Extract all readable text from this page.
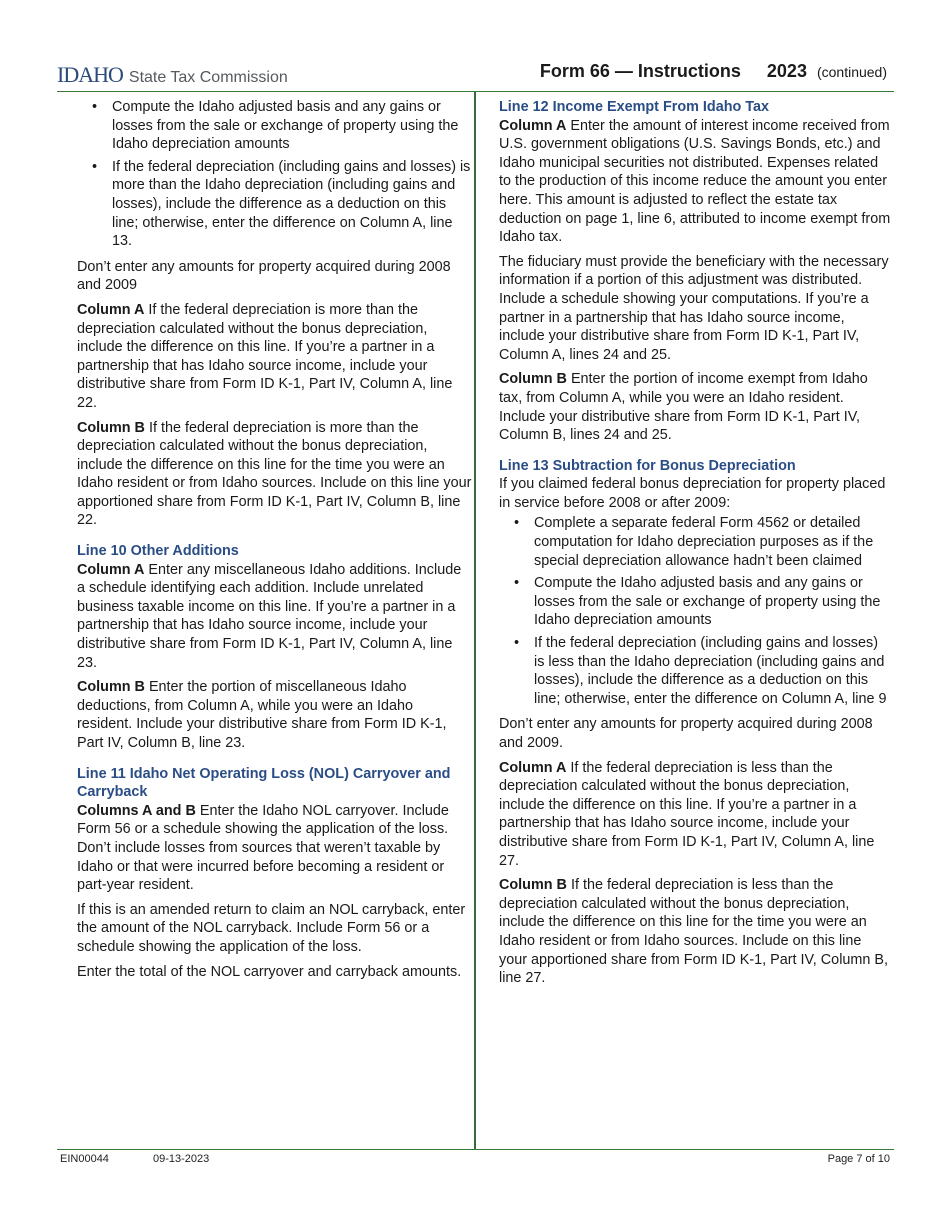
IDAHO State Tax Commission	Form 66 — Instructions 2023 (continued)
• Compute the Idaho adjusted basis and any gains or losses from the sale or exchange of property using the Idaho depreciation amounts
• If the federal depreciation (including gains and losses) is more than the Idaho depreciation (including gains and losses), include the difference as a deduction on this line; otherwise, enter the difference on Column A, line 13.

Don’t enter any amounts for property acquired during 2008 and 2009

Column A If the federal depreciation is more than the depreciation calculated without the bonus depreciation, include the difference on this line. If you’re a partner in a partnership that has Idaho source income, include your distributive share from Form ID K-1, Part IV, Column A, line 22.

Column B If the federal depreciation is more than the depreciation calculated without the bonus depreciation, include the difference on this line for the time you were an Idaho resident or from Idaho sources. Include on this line your apportioned share from Form ID K-1, Part IV, Column B, line 22.

Line 10 Other Additions

Column A Enter any miscellaneous Idaho additions. Include a schedule identifying each addition. Include unrelated business taxable income on this line. If you’re a partner in a partnership that has Idaho source income, include your distributive share from Form ID K-1, Part IV, Column A, line 23.

Column B Enter the portion of miscellaneous Idaho deductions, from Column A, while you were an Idaho resident. Include your distributive share from Form ID K-1, Part IV, Column B, line 23.

Line 11 Idaho Net Operating Loss (NOL) Carryover and Carryback

Columns A and B Enter the Idaho NOL carryover. Include Form 56 or a schedule showing the application of the loss. Don’t include losses from sources that weren’t taxable by Idaho or that were incurred before becoming a resident or part-year resident.

If this is an amended return to claim an NOL carryback, enter the amount of the NOL carryback. Include Form 56 or a schedule showing the application of the loss.

Enter the total of the NOL carryover and carryback amounts.

Line 12 Income Exempt From Idaho Tax

Column A Enter the amount of interest income received from U.S. government obligations (U.S. Savings Bonds, etc.) and Idaho municipal securities not distributed. Expenses related to the production of this income reduce the amount you enter here. This amount is adjusted to reflect the estate tax deduction on page 1, line 6, attributed to income exempt from Idaho tax.

The fiduciary must provide the beneficiary with the necessary information if a portion of this adjustment was distributed. Include a schedule showing your computations. If you’re a partner in a partnership that has Idaho source income, include your distributive share from Form ID K-1, Part IV, Column A, lines 24 and 25.

Column B Enter the portion of income exempt from Idaho tax, from Column A, while you were an Idaho resident. Include your distributive share from Form ID K-1, Part IV, Column B, lines 24 and 25.

Line 13 Subtraction for Bonus Depreciation

If you claimed federal bonus depreciation for property placed in service before 2008 or after 2009:

• Complete a separate federal Form 4562 or detailed computation for Idaho depreciation purposes as if the special depreciation allowance hadn’t been claimed
• Compute the Idaho adjusted basis and any gains or losses from the sale or exchange of property using the Idaho depreciation amounts
• If the federal depreciation (including gains and losses) is less than the Idaho depreciation (including gains and losses), include the difference as a deduction on this line; otherwise, enter the difference on Column A, line 9

Don’t enter any amounts for property acquired during 2008 and 2009.

Column A If the federal depreciation is less than the depreciation calculated without the bonus depreciation, include the difference on this line. If you’re a partner in a partnership that has Idaho source income, include your distributive share from Form ID K-1, Part IV, Column A, line 27.

Column B If the federal depreciation is less than the depreciation calculated without the bonus depreciation, include the difference on this line for the time you were an Idaho resident or from Idaho sources. Include on this line your apportioned share from Form ID K-1, Part IV, Column B, line 27.

EIN00044	09-13-2023	Page 7 of 10
